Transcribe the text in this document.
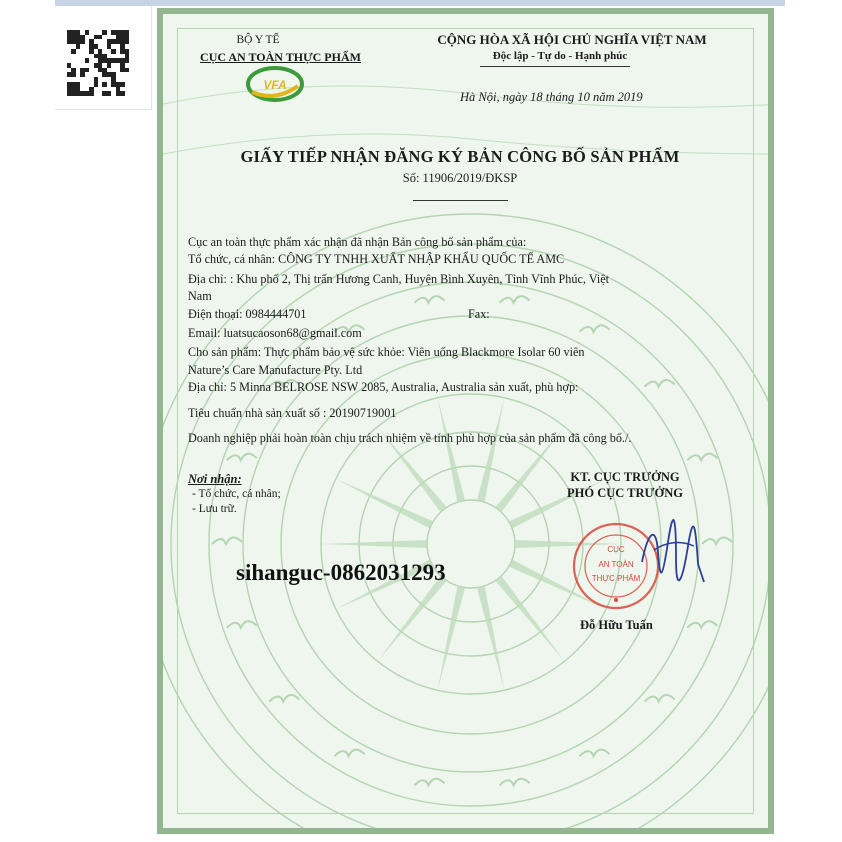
BỘ Y TẾ
CỤC AN TOÀN THỰC PHẨM
VFA
CỘNG HÒA XÃ HỘI CHỦ NGHĨA VIỆT NAM
Độc lập - Tự do - Hạnh phúc
Hà Nội, ngày 18 tháng 10 năm 2019
GIẤY TIẾP NHẬN ĐĂNG KÝ BẢN CÔNG BỐ SẢN PHẨM
Số: 11906/2019/ĐKSP
Cục an toàn thực phẩm xác nhận đã nhận Bản công bố sản phẩm của:
Tổ chức, cá nhân: CÔNG TY TNHH XUẤT NHẬP KHẨU QUỐC TẾ AMC
Địa chỉ: : Khu phố 2, Thị trấn Hương Canh, Huyện Bình Xuyên, Tỉnh Vĩnh Phúc, Việt
Nam
Điện thoại: 0984444701	Fax:
Email: luatsucaoson68@gmail.com
Cho sản phẩm: Thực phẩm bảo vệ sức khỏe: Viên uống Blackmore Isolar 60 viên
Nature’s Care Manufacture Pty. Ltd
Địa chỉ: 5 Minna BELROSE NSW 2085, Australia, Australia sản xuất, phù hợp:
Tiêu chuẩn nhà sản xuất số : 20190719001
Doanh nghiệp phải hoàn toàn chịu trách nhiệm về tính phù hợp của sản phẩm đã công bố./.
Nơi nhận:
- Tổ chức, cá nhân;
- Lưu trữ.
KT. CỤC TRƯỞNG
PHÓ CỤC TRƯỞNG
CỤC
AN TOÀN
THỰC PHẨM
Đỗ Hữu Tuấn
sihanguc-0862031293
